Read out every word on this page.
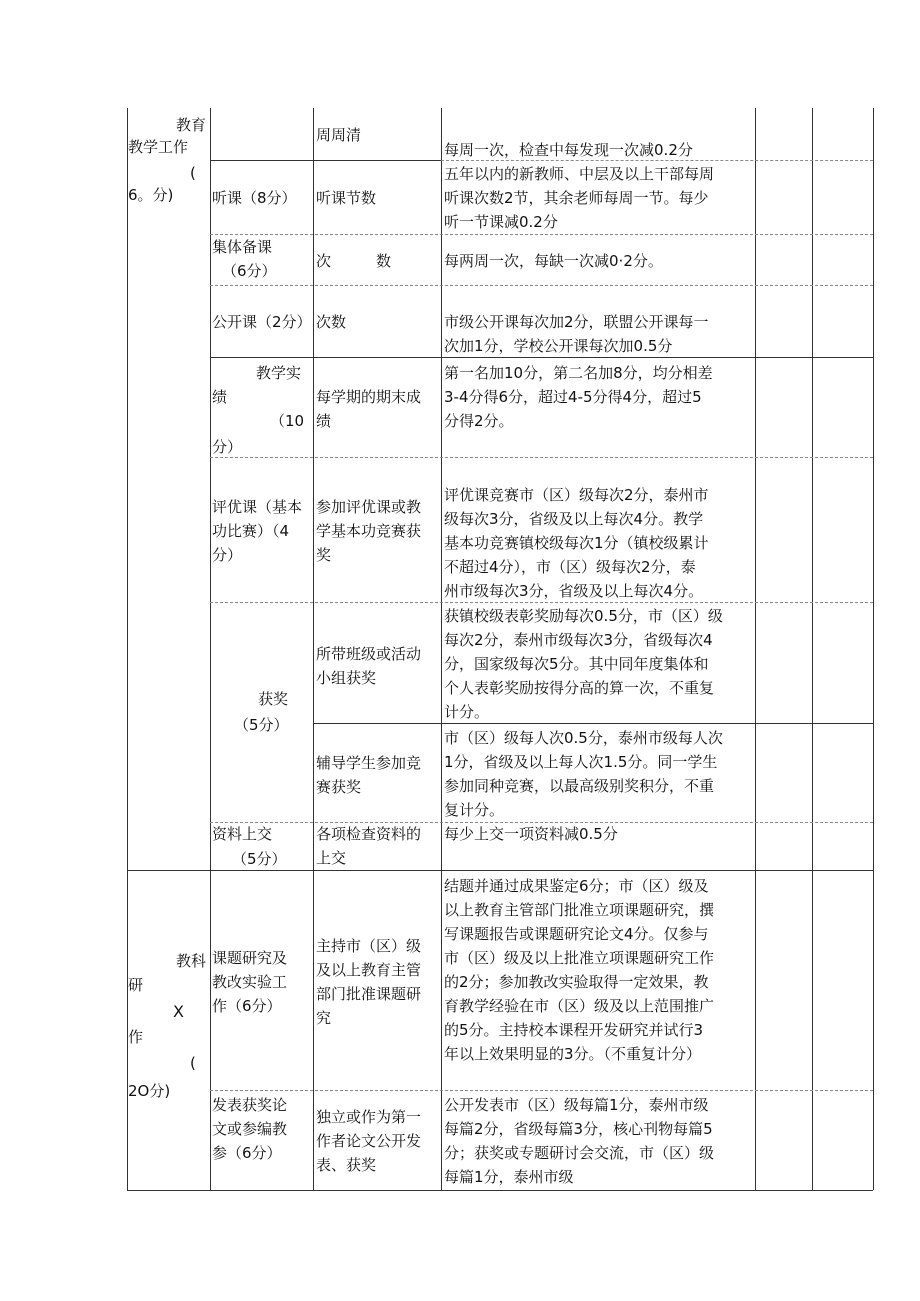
教育
教学工作
(
6。分)
周周清
每周一次，检查中每发现一次减0.2分
听课（8分） 听课节数
五年以内的新教师、中层及以上干部每周
听课次数2节，其余老师每周一节。每少
听一节课减0.2分
集体备课
（6分）
次　　　数	每两周一次，每缺一次减0·2分。
公开课（2分） 次数	市级公开课每次加2分，联盟公开课每一
次加1分，学校公开课每次加0.5分
教学实
绩
（10
分）
每学期的期末成
绩
第一名加10分，第二名加8分，均分相差
3-4分得6分，超过4-5分得4分，超过5
分得2分。
评优课（基本
功比赛）（4
分）
参加评优课或教
学基本功竞赛获
奖
评优课竞赛市（区）级每次2分，泰州市
级每次3分，省级及以上每次4分。教学
基本功竞赛镇校级每次1分（镇校级累计
不超过4分），市（区）级每次2分，泰
州市级每次3分，省级及以上每次4分。
获奖
（5分）
所带班级或活动
小组获奖
获镇校级表彰奖励每次0.5分，市（区）级
每次2分，泰州市级每次3分，省级每次4
分，国家级每次5分。其中同年度集体和
个人表彰奖励按得分高的算一次，不重复
计分。
辅导学生参加竞
赛获奖
市（区）级每人次0.5分，泰州市级每人次
1分，省级及以上每人次1.5分。同一学生
参加同种竞赛，以最高级别奖积分，不重
复计分。
资料上交
（5分）
各项检查资料的
上交
每少上交一项资料减0.5分
教科
研
X
作
(
2O分)
课题研究及
教改实验工
作（6分）
主持市（区）级
及以上教育主管
部门批准课题研
究
结题并通过成果鉴定6分；市（区）级及
以上教育主管部门批准立项课题研究，撰
写课题报告或课题研究论文4分。仅参与
市（区）级及以上批准立项课题研究工作
的2分；参加教改实验取得一定效果，教
育教学经验在市（区）级及以上范围推广
的5分。主持校本课程开发研究并试行3
年以上效果明显的3分。（不重复计分）
发表获奖论
文或参编教
参（6分）
独立或作为第一
作者论文公开发
表、获奖
公开发表市（区）级每篇1分，泰州市级
每篇2分，省级每篇3分，核心刊物每篇5
分；获奖或专题研讨会交流，市（区）级
每篇1分，泰州市级
